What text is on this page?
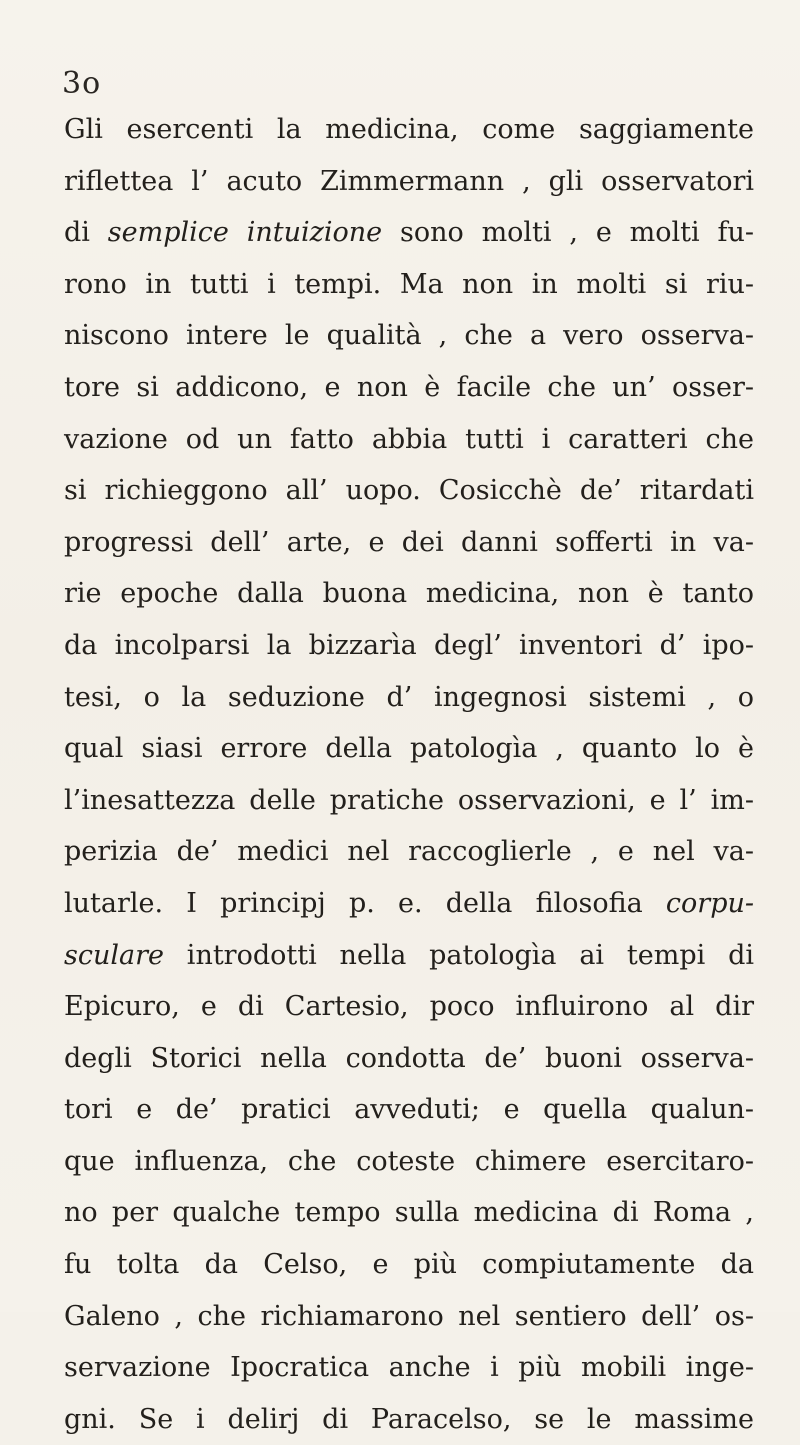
3o
Gli esercenti la medicina, come saggiamente
riflettea l’ acuto Zimmermann , gli osservatori
di semplice intuizione sono molti , e molti fu-
rono in tutti i tempi. Ma non in molti si riu-
niscono intere le qualità , che a vero osserva-
tore si addicono, e non è facile che un’ osser-
vazione od un fatto abbia tutti i caratteri che
si richieggono all’ uopo. Cosicchè de’ ritardati
progressi dell’ arte, e dei danni sofferti in va-
rie epoche dalla buona medicina, non è tanto
da incolparsi la bizzarìa degl’ inventori d’ ipo-
tesi, o la seduzione d’ ingegnosi sistemi , o
qual siasi errore della patologìa , quanto lo è
l’inesattezza delle pratiche osservazioni, e l’ im-
perizia de’ medici nel raccoglierle , e nel va-
lutarle. I principj p. e. della filosofia corpu-
sculare introdotti nella patologìa ai tempi di
Epicuro, e di Cartesio, poco influirono al dir
degli Storici nella condotta de’ buoni osserva-
tori e de’ pratici avveduti; e quella qualun-
que influenza, che coteste chimere esercitaro-
no per qualche tempo sulla medicina di Roma ,
fu tolta da Celso, e più compiutamente da
Galeno , che richiamarono nel sentiero dell’ os-
servazione Ipocratica anche i più mobili inge-
gni. Se i delirj di Paracelso, se le massime
